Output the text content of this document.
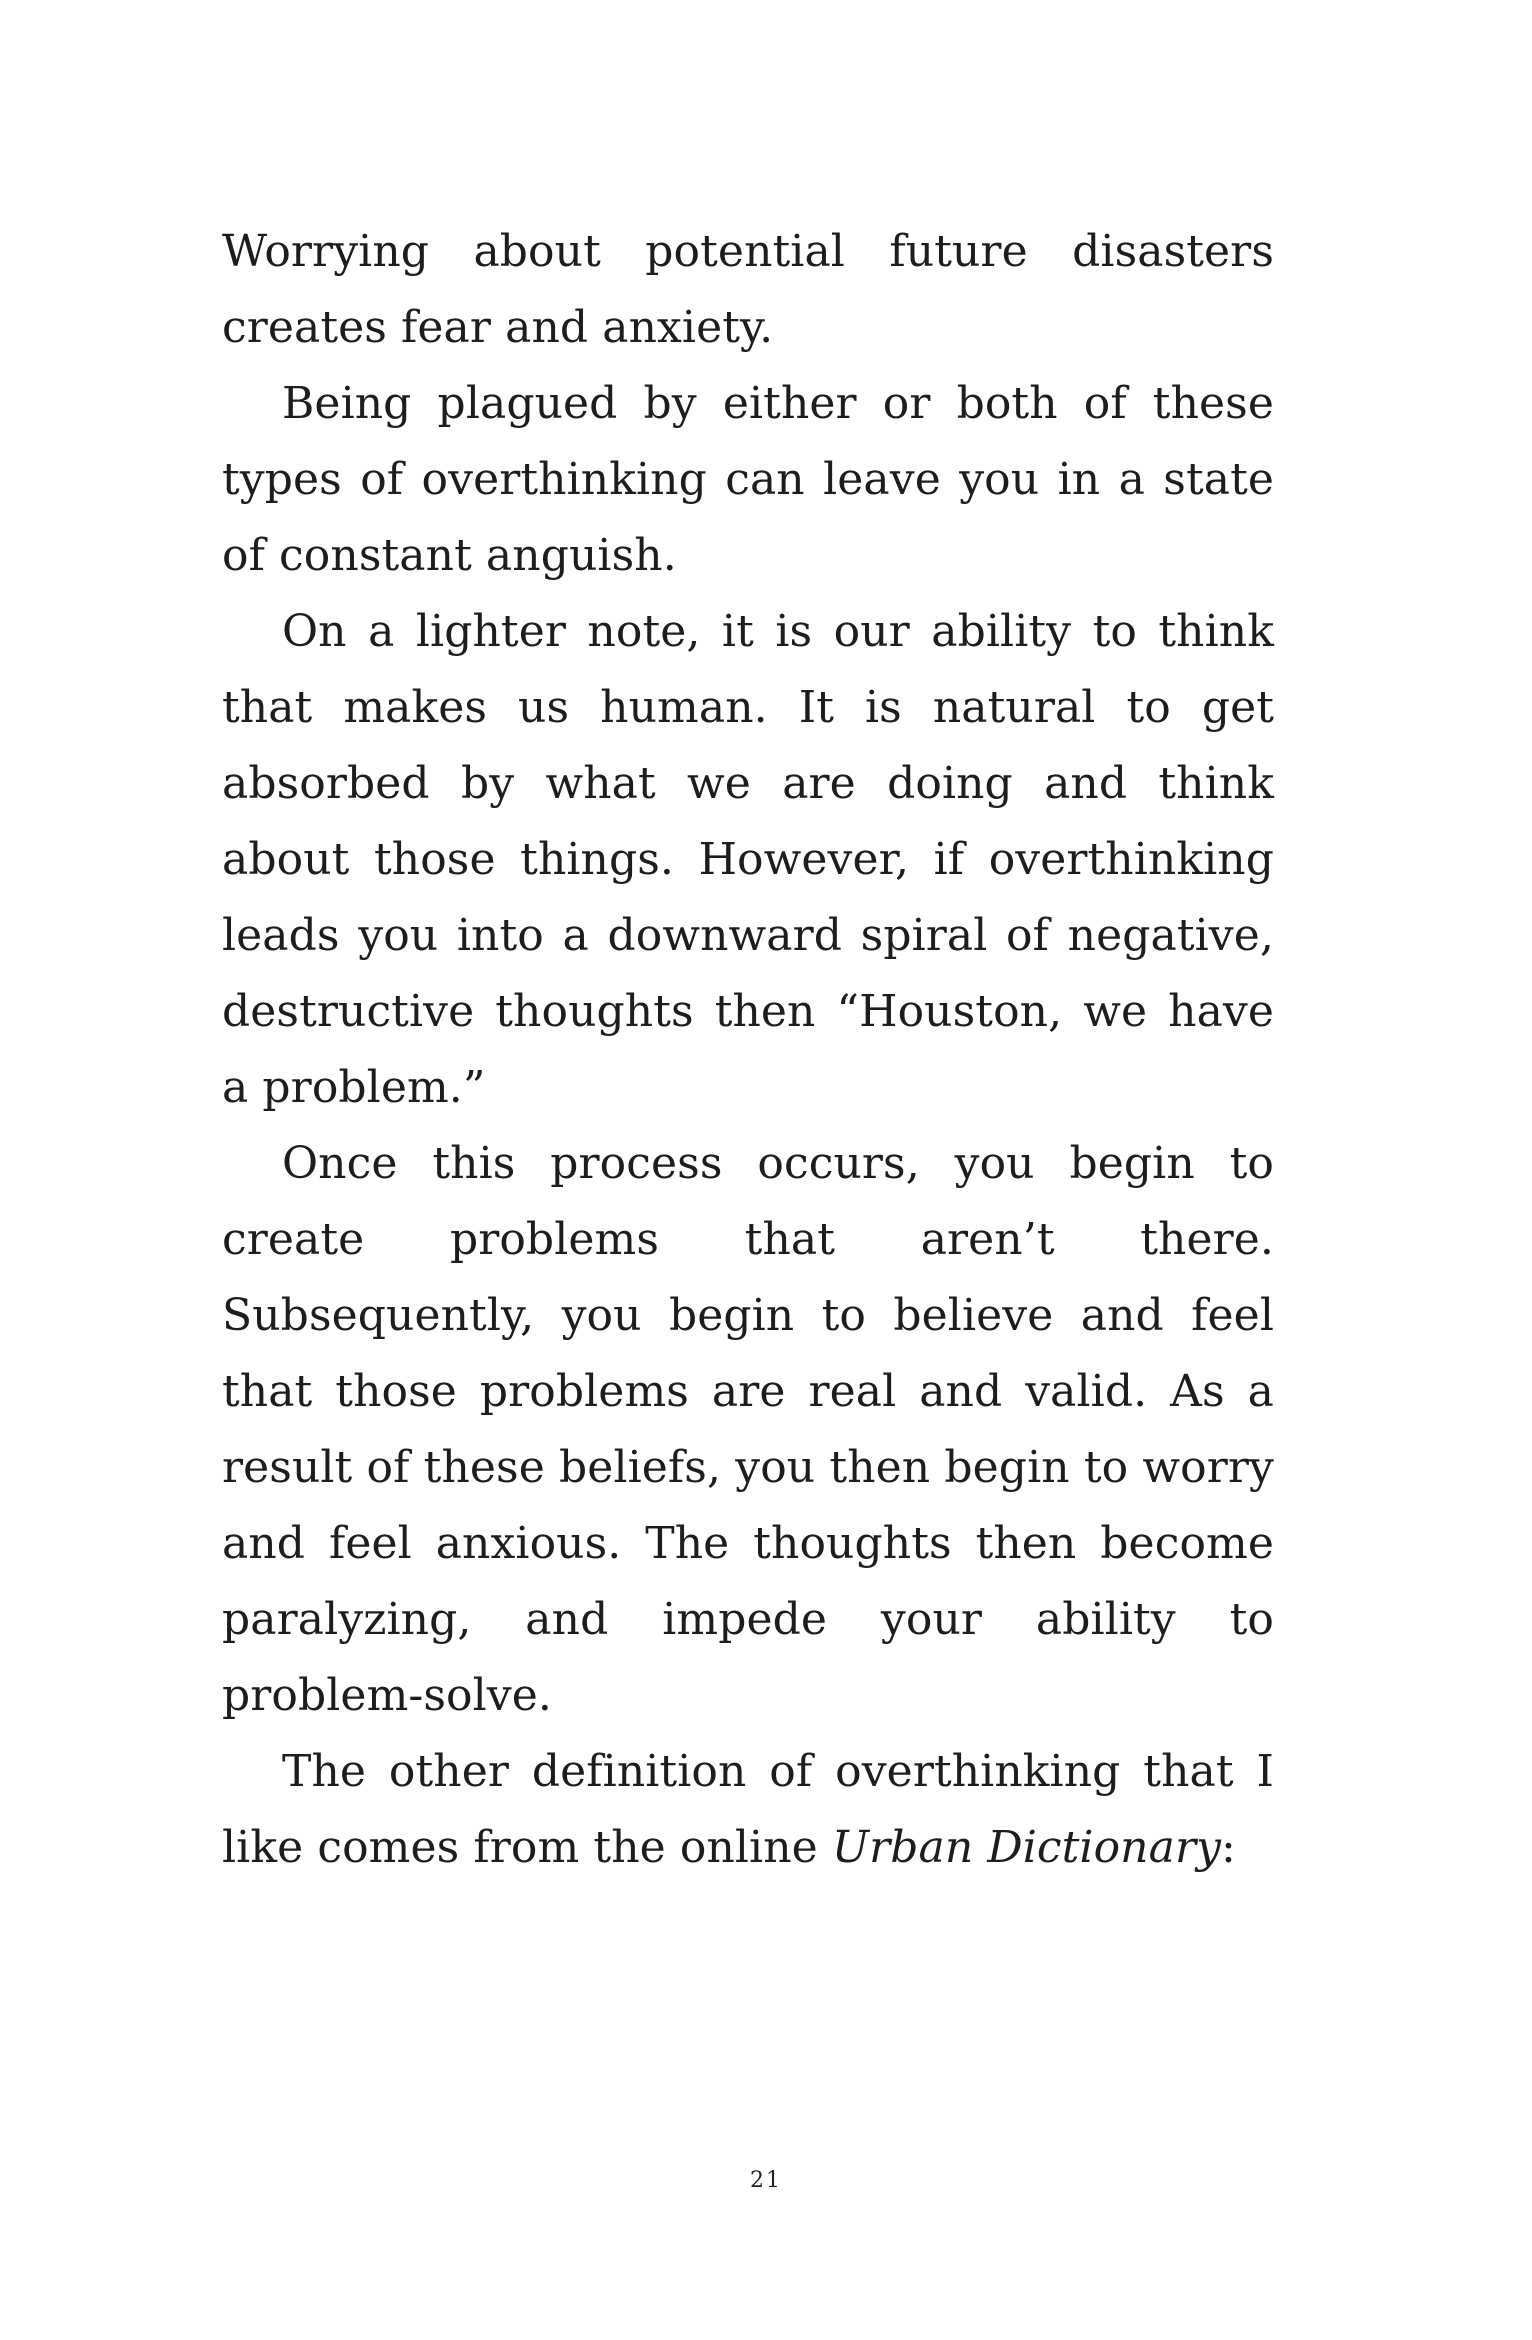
Worrying about potential future disasters creates fear and anxiety.

Being plagued by either or both of these types of overthinking can leave you in a state of constant anguish.

On a lighter note, it is our ability to think that makes us human. It is natural to get absorbed by what we are doing and think about those things. However, if overthinking leads you into a downward spiral of negative, destructive thoughts then “Houston, we have a problem.”

Once this process occurs, you begin to create problems that aren’t there. Subsequently, you begin to believe and feel that those problems are real and valid. As a result of these beliefs, you then begin to worry and feel anxious. The thoughts then become paralyzing, and impede your ability to problem-solve.

The other definition of overthinking that I like comes from the online Urban Dictionary:

21
